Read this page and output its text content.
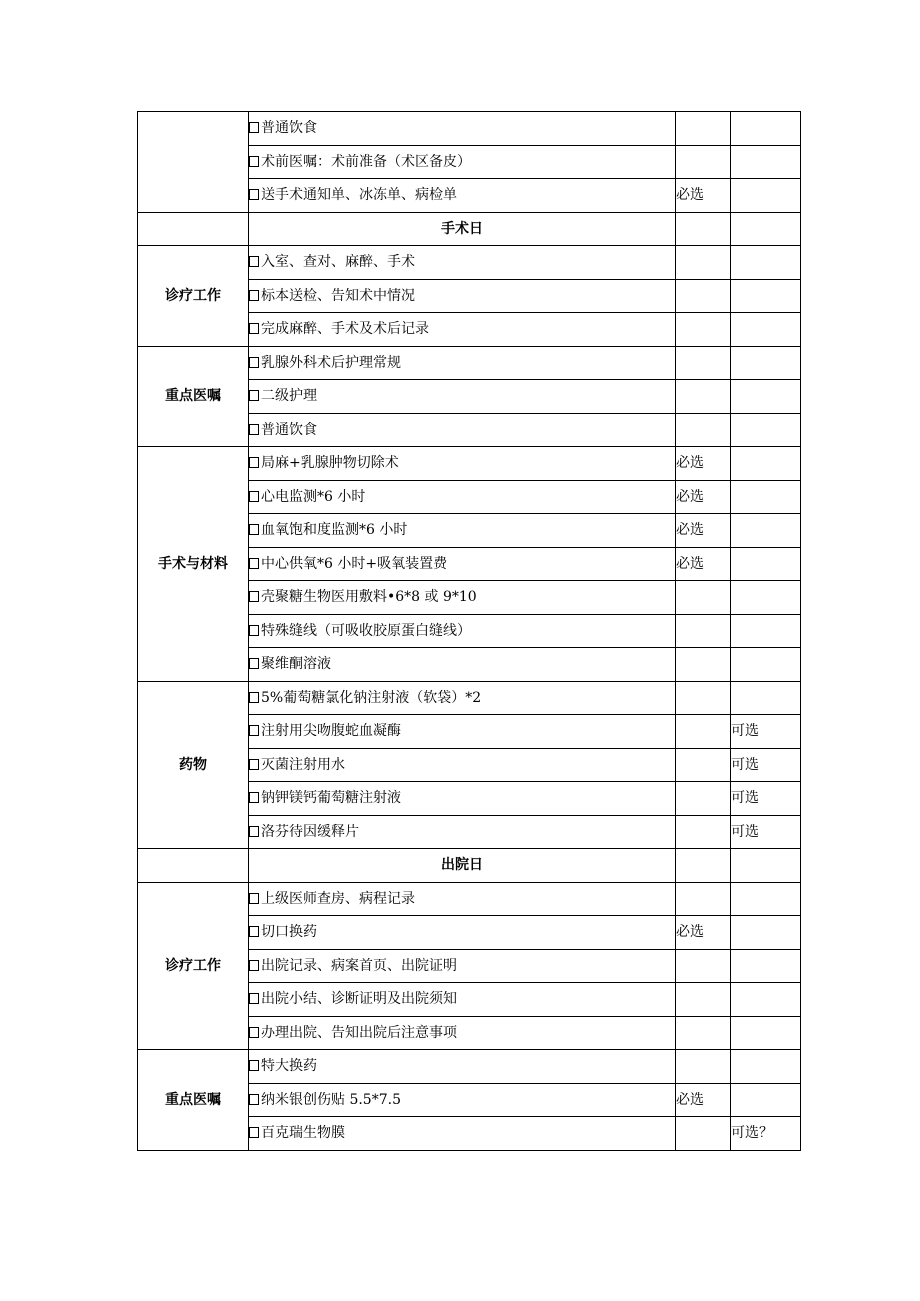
	普通饮食		
	术前医嘱：术前准备（术区备皮）		
	送手术通知单、冰冻单、病检单	必选	
	手术日		
诊疗工作	入室、查对、麻醉、手术		
	标本送检、告知术中情况		
	完成麻醉、手术及术后记录		
重点医嘱	乳腺外科术后护理常规		
	二级护理		
	普通饮食		
手术与材料	局麻+乳腺肿物切除术	必选	
	心电监测*6 小时	必选	
	血氧饱和度监测*6 小时	必选	
	中心供氧*6 小时+吸氧装置费	必选	
	壳聚糖生物医用敷料•6*8 或 9*10		
	特殊缝线（可吸收胶原蛋白缝线）		
	聚维酮溶液		
药物	5%葡萄糖氯化钠注射液（软袋）*2		
	注射用尖吻腹蛇血凝酶		可选
	灭菌注射用水		可选
	钠钾镁钙葡萄糖注射液		可选
	洛芬待因缓释片		可选
	出院日		
诊疗工作	上级医师查房、病程记录		
	切口换药	必选	
	出院记录、病案首页、出院证明		
	出院小结、诊断证明及出院须知		
	办理出院、告知出院后注意事项		
重点医嘱	特大换药		
	纳米银创伤贴 5.5*7.5	必选	
	百克瑞生物膜		可选？
